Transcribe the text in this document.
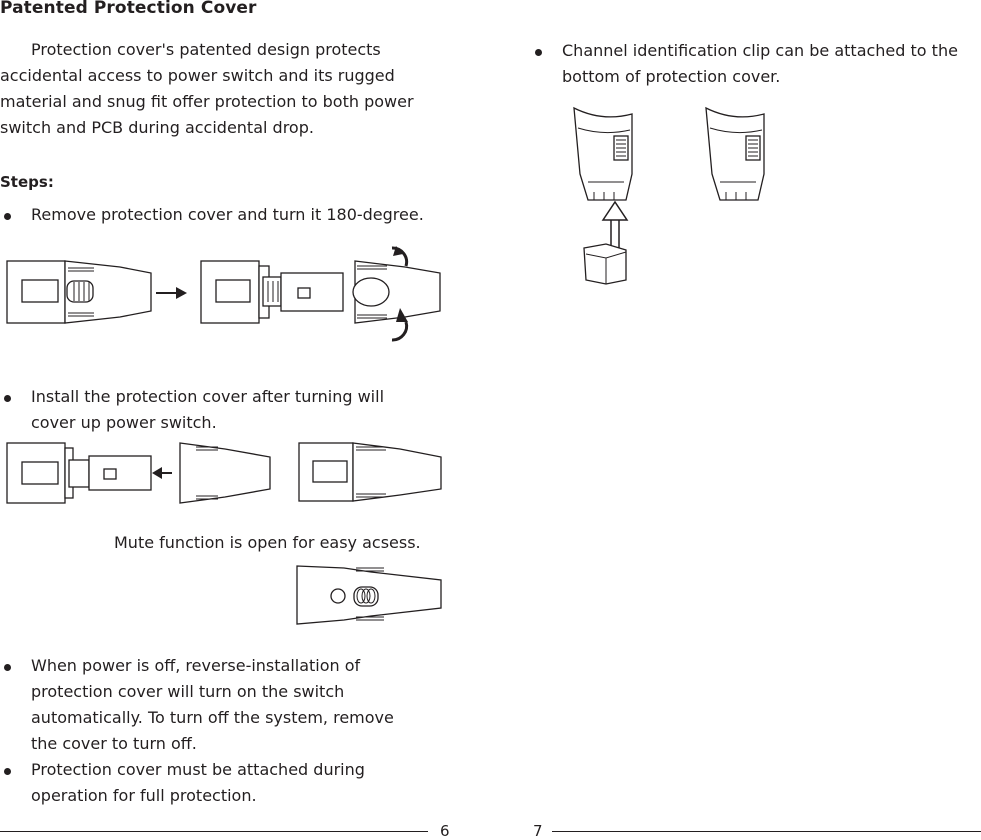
Patented Protection Cover
Protection cover's patented design protects
accidental access to power switch and its rugged
material and snug fit offer protection to both power
switch and PCB during accidental drop.
Steps:
Remove protection cover and turn it 180-degree.
Install the protection cover after turning will
cover up power switch.
Mute function is open for easy acsess.
When power is off, reverse-installation of
protection cover will turn on the switch
automatically. To turn off the system, remove
the cover to turn off.
Protection cover must be attached during
operation for full protection.
Channel identification clip can be attached to the
bottom of protection cover.
6	7
